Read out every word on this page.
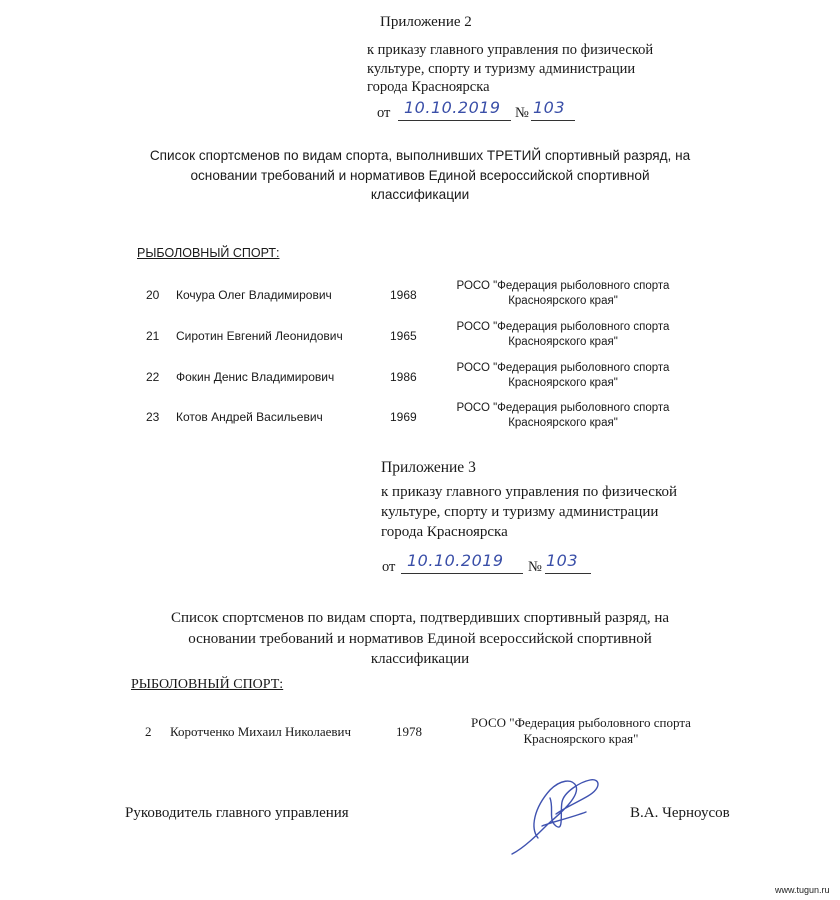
Приложение 2
к приказу главного управления по физической
культуре, спорту и туризму администрации
города Красноярска
от 10.10.2019 № 103
Список спортсменов по видам спорта, выполнивших ТРЕТИЙ спортивный разряд, на
основании требований и нормативов Единой всероссийской спортивной
классификации
РЫБОЛОВНЫЙ СПОРТ:
20 Кочура Олег Владимирович	1968
РОСО "Федерация рыболовного спорта
Красноярского края"
21 Сиротин Евгений Леонидович	1965
РОСО "Федерация рыболовного спорта
Красноярского края"
22 Фокин Денис Владимирович	1986
РОСО "Федерация рыболовного спорта
Красноярского края"
23 Котов Андрей Васильевич	1969
РОСО "Федерация рыболовного спорта
Красноярского края"
Приложение 3
к приказу главного управления по физической
культуре, спорту и туризму администрации
города Красноярска
от 10.10.2019 № 103
Список спортсменов по видам спорта, подтвердивших спортивный разряд, на
основании требований и нормативов Единой всероссийской спортивной
классификации
РЫБОЛОВНЫЙ СПОРТ:
2 Коротченко Михаил Николаевич	1978
РОСО "Федерация рыболовного спорта
Красноярского края"
Руководитель главного управления	В.А. Черноусов
www.tugun.ru
